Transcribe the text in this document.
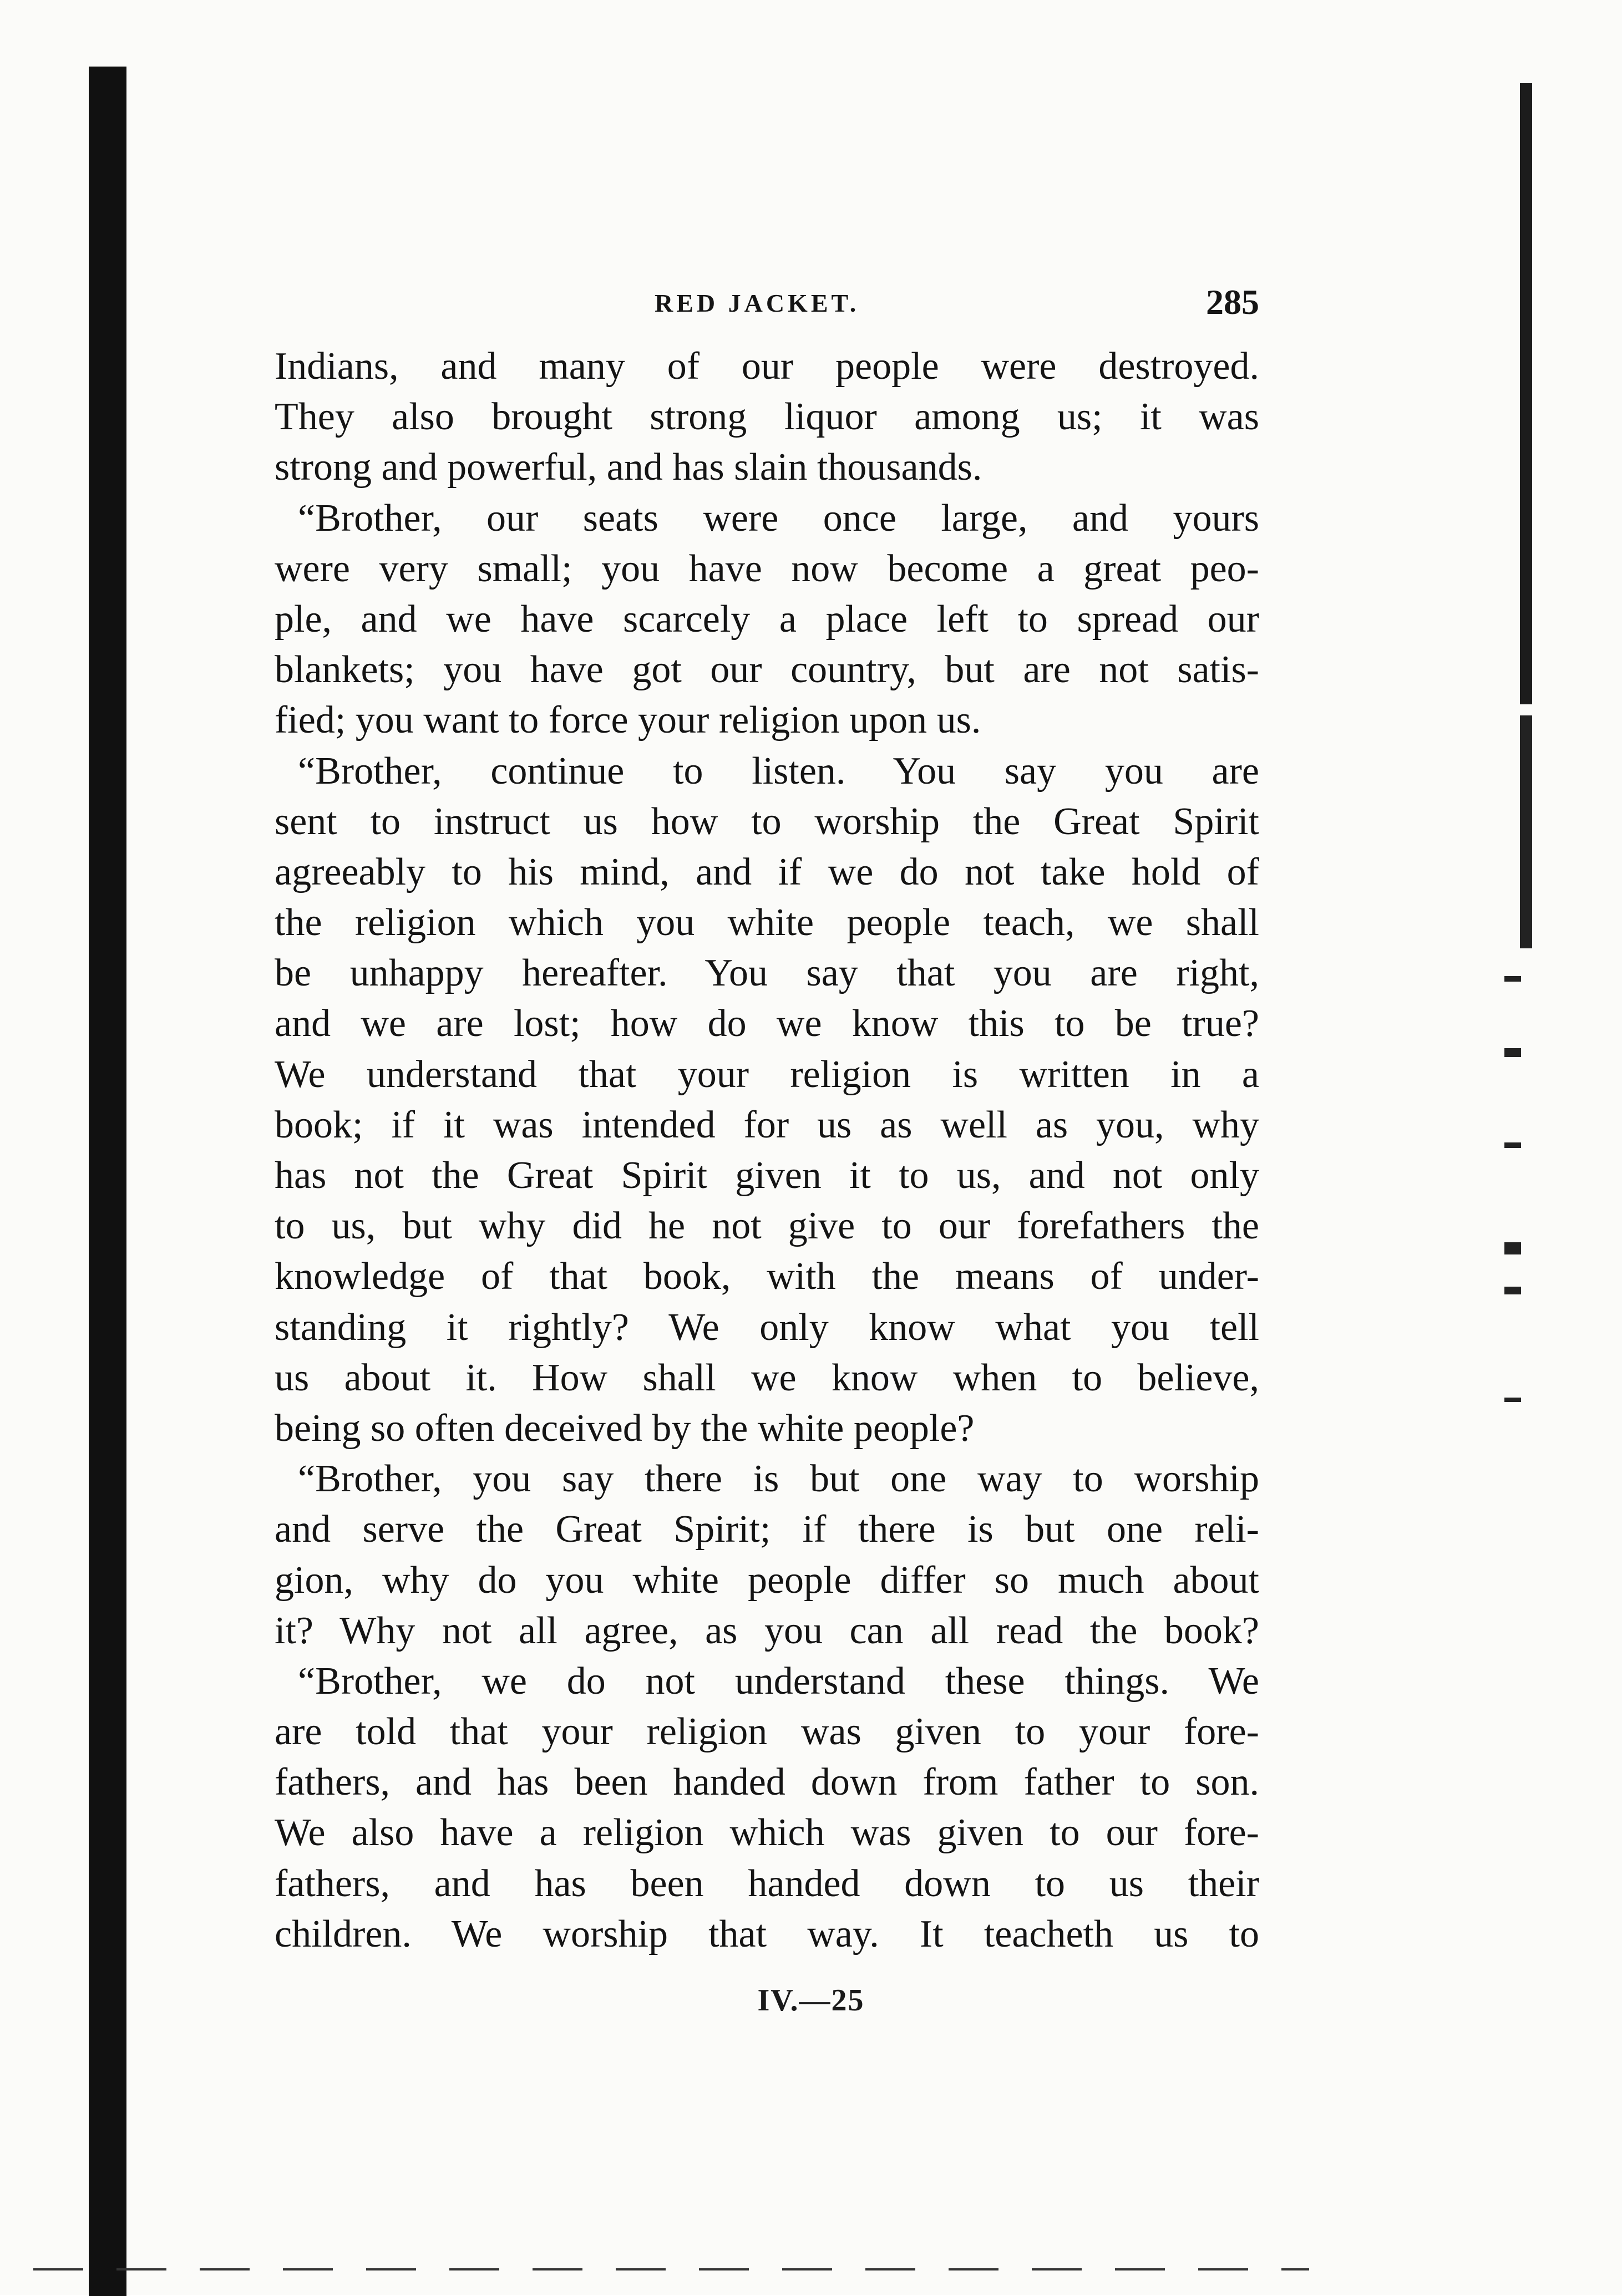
RED JACKET.	285
Indians, and many of our people were destroyed.
They also brought strong liquor among us; it was
strong and powerful, and has slain thousands.
“Brother, our seats were once large, and yours
were very small; you have now become a great peo-
ple, and we have scarcely a place left to spread our
blankets; you have got our country, but are not satis-
fied; you want to force your religion upon us.
“Brother, continue to listen. You say you are
sent to instruct us how to worship the Great Spirit
agreeably to his mind, and if we do not take hold of
the religion which you white people teach, we shall
be unhappy hereafter. You say that you are right,
and we are lost; how do we know this to be true?
We understand that your religion is written in a
book; if it was intended for us as well as you, why
has not the Great Spirit given it to us, and not only
to us, but why did he not give to our forefathers the
knowledge of that book, with the means of under-
standing it rightly? We only know what you tell
us about it. How shall we know when to believe,
being so often deceived by the white people?
“Brother, you say there is but one way to worship
and serve the Great Spirit; if there is but one reli-
gion, why do you white people differ so much about
it? Why not all agree, as you can all read the book?
“Brother, we do not understand these things. We
are told that your religion was given to your fore-
fathers, and has been handed down from father to son.
We also have a religion which was given to our fore-
fathers, and has been handed down to us their
children. We worship that way. It teacheth us to
IV.—25
